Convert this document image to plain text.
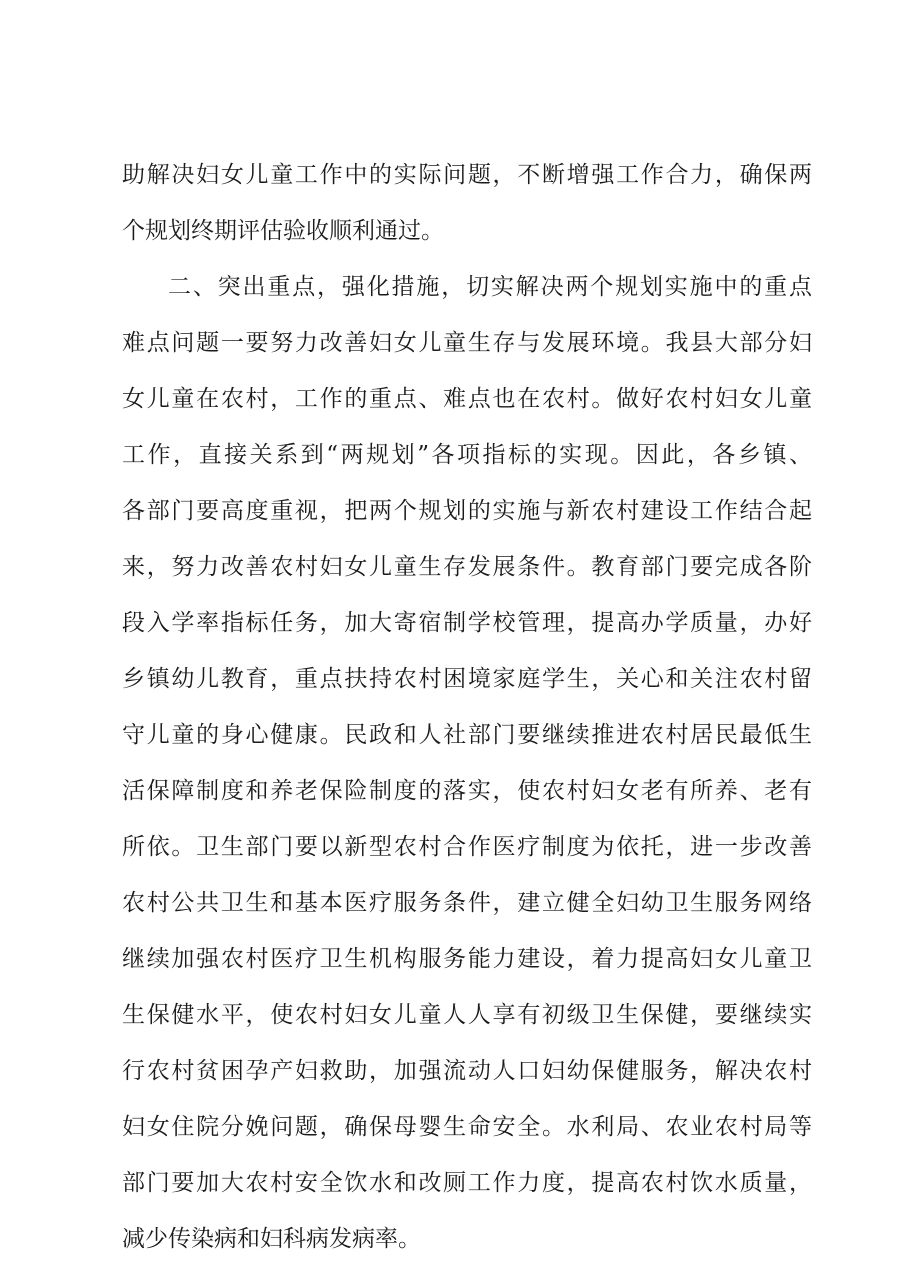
助解决妇女儿童工作中的实际问题，不断增强工作合力，确保两
个规划终期评估验收顺利通过。
二、突出重点，强化措施，切实解决两个规划实施中的重点
难点问题一要努力改善妇女儿童生存与发展环境。我县大部分妇
女儿童在农村，工作的重点、难点也在农村。做好农村妇女儿童
工作，直接关系到“两规划”各项指标的实现。因此，各乡镇、
各部门要高度重视，把两个规划的实施与新农村建设工作结合起
来，努力改善农村妇女儿童生存发展条件。教育部门要完成各阶
段入学率指标任务，加大寄宿制学校管理，提高办学质量，办好
乡镇幼儿教育，重点扶持农村困境家庭学生，关心和关注农村留
守儿童的身心健康。民政和人社部门要继续推进农村居民最低生
活保障制度和养老保险制度的落实，使农村妇女老有所养、老有
所依。卫生部门要以新型农村合作医疗制度为依托，进一步改善
农村公共卫生和基本医疗服务条件，建立健全妇幼卫生服务网络
继续加强农村医疗卫生机构服务能力建设，着力提高妇女儿童卫
生保健水平，使农村妇女儿童人人享有初级卫生保健，要继续实
行农村贫困孕产妇救助，加强流动人口妇幼保健服务，解决农村
妇女住院分娩问题，确保母婴生命安全。水利局、农业农村局等
部门要加大农村安全饮水和改厕工作力度，提高农村饮水质量，
减少传染病和妇科病发病率。
